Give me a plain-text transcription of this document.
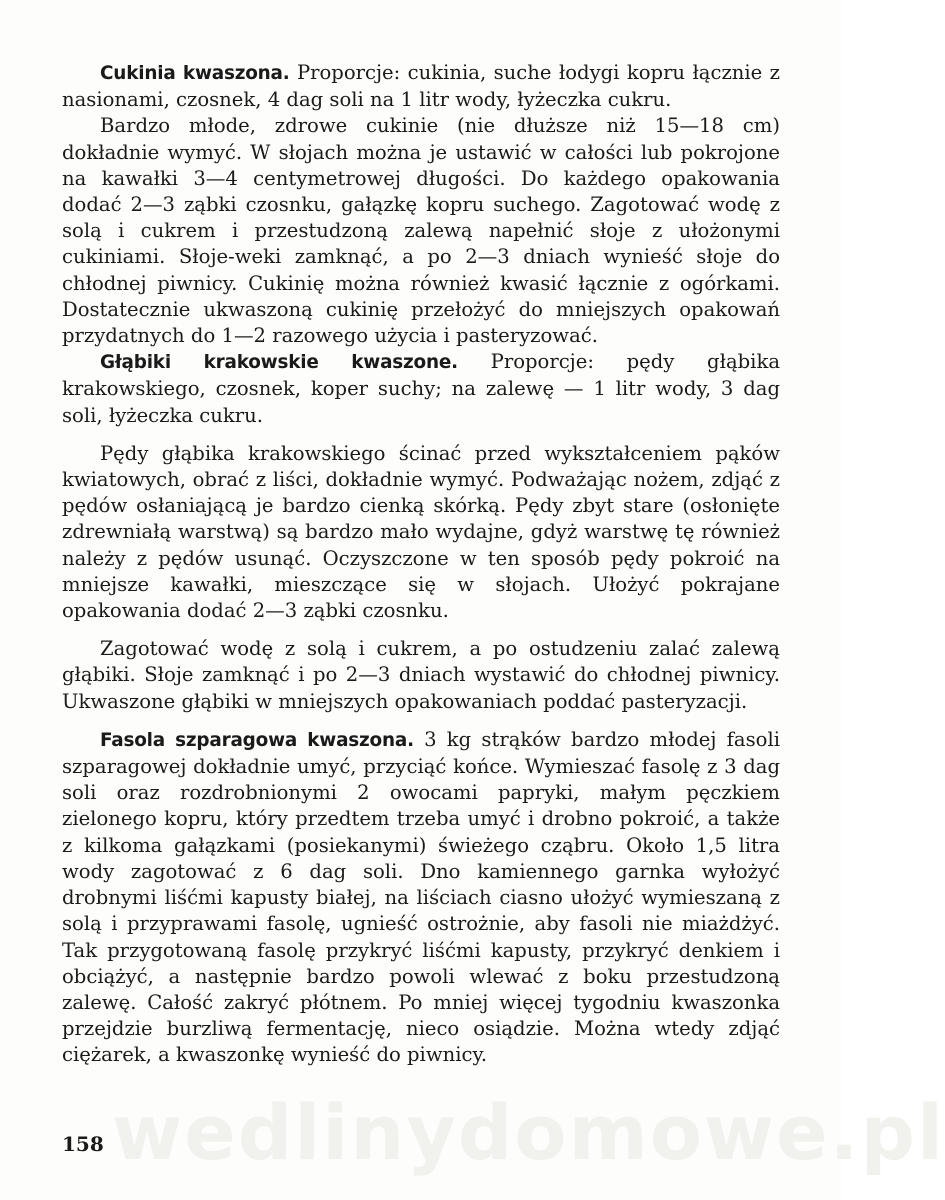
Cukinia kwaszona. Proporcje: cukinia, suche łodygi kopru łącznie z nasionami, czosnek, 4 dag soli na 1 litr wody, łyżeczka cukru.

Bardzo młode, zdrowe cukinie (nie dłuższe niż 15—18 cm) dokładnie wymyć. W słojach można je ustawić w całości lub pokrojone na kawałki 3—4 centymetrowej długości. Do każdego opakowania dodać 2—3 ząbki czosnku, gałązkę kopru suchego. Zagotować wodę z solą i cukrem i przestudzoną zalewą napełnić słoje z ułożonymi cukiniami. Słoje-weki zamknąć, a po 2—3 dniach wynieść słoje do chłodnej piwnicy. Cukinię można również kwasić łącznie z ogórkami. Dostatecznie ukwaszoną cukinię przełożyć do mniejszych opakowań przydatnych do 1—2 razowego użycia i pasteryzować.

Głąbiki krakowskie kwaszone. Proporcje: pędy głąbika krakowskiego, czosnek, koper suchy; na zalewę — 1 litr wody, 3 dag soli, łyżeczka cukru.

Pędy głąbika krakowskiego ścinać przed wykształceniem pąków kwiatowych, obrać z liści, dokładnie wymyć. Podważając nożem, zdjąć z pędów osłaniającą je bardzo cienką skórką. Pędy zbyt stare (osłonięte zdrewniałą warstwą) są bardzo mało wydajne, gdyż warstwę tę również należy z pędów usunąć. Oczyszczone w ten sposób pędy pokroić na mniejsze kawałki, mieszczące się w słojach. Ułożyć pokrajane opakowania dodać 2—3 ząbki czosnku.

Zagotować wodę z solą i cukrem, a po ostudzeniu zalać zalewą głąbiki. Słoje zamknąć i po 2—3 dniach wystawić do chłodnej piwnicy. Ukwaszone głąbiki w mniejszych opakowaniach poddać pasteryzacji.

Fasola szparagowa kwaszona. 3 kg strąków bardzo młodej fasoli szparagowej dokładnie umyć, przyciąć końce. Wymieszać fasolę z 3 dag soli oraz rozdrobnionymi 2 owocami papryki, małym pęczkiem zielonego kopru, który przedtem trzeba umyć i drobno pokroić, a także z kilkoma gałązkami (posiekanymi) świeżego cząbru. Około 1,5 litra wody zagotować z 6 dag soli. Dno kamiennego garnka wyłożyć drobnymi liśćmi kapusty białej, na liściach ciasno ułożyć wymieszaną z solą i przyprawami fasolę, ugnieść ostrożnie, aby fasoli nie miażdżyć. Tak przygotowaną fasolę przykryć liśćmi kapusty, przykryć denkiem i obciążyć, a następnie bardzo powoli wlewać z boku przestudzoną zalewę. Całość zakryć płótnem. Po mniej więcej tygodniu kwaszonka przejdzie burzliwą fermentację, nieco osiądzie. Można wtedy zdjąć ciężarek, a kwaszonkę wynieść do piwnicy.

wedlinydomowe.pl
158
